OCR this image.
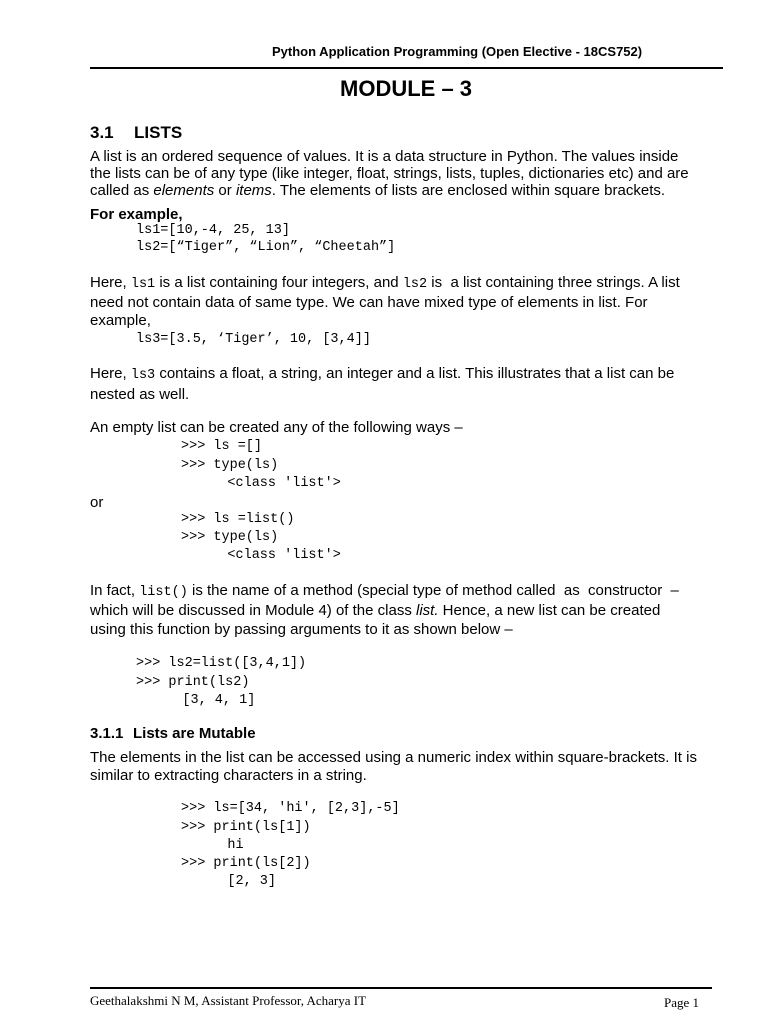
Python Application Programming (Open Elective - 18CS752)
MODULE – 3
3.1 LISTS
A list is an ordered sequence of values. It is a data structure in Python. The values inside
the lists can be of any type (like integer, float, strings, lists, tuples, dictionaries etc) and are
called as elements or items. The elements of lists are enclosed within square brackets.
For example,
ls1=[10,-4, 25, 13]
ls2=[“Tiger”, “Lion”, “Cheetah”]
Here, ls1 is a list containing four integers, and ls2 is  a list containing three strings. A list
need not contain data of same type. We can have mixed type of elements in list. For
example,
ls3=[3.5, ‘Tiger’, 10, [3,4]]
Here, ls3 contains a float, a string, an integer and a list. This illustrates that a list can be
nested as well.
An empty list can be created any of the following ways –
>>> ls =[]
>>> type(ls)
<class 'list'>
or
>>> ls =list()
>>> type(ls)
<class 'list'>
In fact, list() is the name of a method (special type of method called  as  constructor  –
which will be discussed in Module 4) of the class list. Hence, a new list can be created
using this function by passing arguments to it as shown below –
>>> ls2=list([3,4,1])
>>> print(ls2)
[3, 4, 1]
3.1.1 Lists are Mutable
The elements in the list can be accessed using a numeric index within square-brackets. It is
similar to extracting characters in a string.
>>> ls=[34, 'hi', [2,3],-5]
>>> print(ls[1])
hi
>>> print(ls[2])
[2, 3]
Geethalakshmi N M, Assistant Professor, Acharya IT	Page 1
